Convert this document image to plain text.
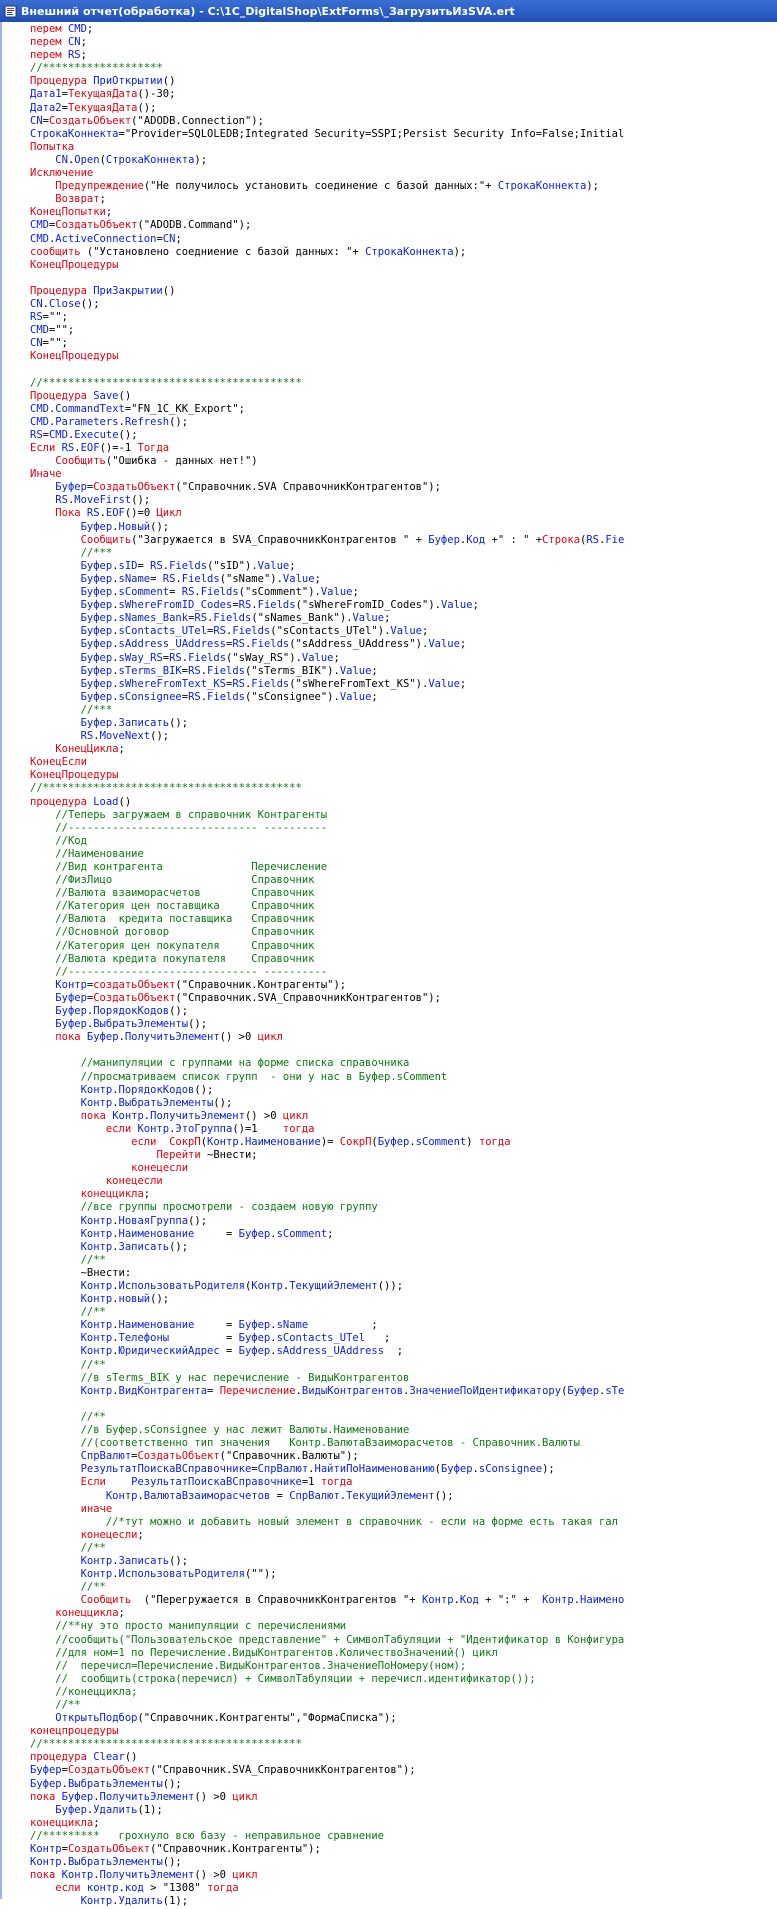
Внешний отчет(обработка) - C:\1C_DigitalShop\ExtForms\_ЗагрузитьИзSVA.ert
перем CMD;
перем CN;
перем RS;
//*******************
Процедура ПриОткрытии()
Дата1=ТекущаяДата()-30;
Дата2=ТекущаяДата();
CN=СоздатьОбъект("ADODB.Connection");
СтрокаКоннекта="Provider=SQLOLEDB;Integrated Security=SSPI;Persist Security Info=False;Initial
Попытка
CN.Open(СтрокаКоннекта);
Исключение
Предупреждение("Не получилось установить соединение с базой данных:"+ СтрокаКоннекта);
Возврат;
КонецПопытки;
CMD=СоздатьОбъект("ADODB.Command");
CMD.ActiveConnection=CN;
сообщить ("Установлено соедниение с базой данных: "+ СтрокаКоннекта);
КонецПроцедуры

Процедура ПриЗакрытии()
CN.Close();
RS="";
CMD="";
CN="";
КонецПроцедуры

//*****************************************
Процедура Save()
CMD.CommandText="FN_1C_KK_Export";
CMD.Parameters.Refresh();
RS=CMD.Execute();
Если RS.EOF()=-1 Тогда
Сообщить("Ошибка - данных нет!")
Иначе
Буфер=СоздатьОбъект("Справочник.SVA СправочникКонтрагентов");
RS.MoveFirst();
Пока RS.EOF()=0 Цикл
Буфер.Новый();
Сообщить("Загружается в SVA_СправочникКонтрагентов " + Буфер.Код +" : " +Строка(RS.Fie
//***
Буфер.sID= RS.Fields("sID").Value;
Буфер.sName= RS.Fields("sName").Value;
Буфер.sComment= RS.Fields("sComment").Value;
Буфер.sWhereFromID_Codes=RS.Fields("sWhereFromID_Codes").Value;
Буфер.sNames_Bank=RS.Fields("sNames_Bank").Value;
Буфер.sContacts_UTel=RS.Fields("sContacts_UTel").Value;
Буфер.sAddress_UAddress=RS.Fields("sAddress_UAddress").Value;
Буфер.sWay_RS=RS.Fields("sWay_RS").Value;
Буфер.sTerms_BIK=RS.Fields("sTerms_BIK").Value;
Буфер.sWhereFromText_KS=RS.Fields("sWhereFromText_KS").Value;
Буфер.sConsignee=RS.Fields("sConsignee").Value;
//***
Буфер.Записать();
RS.MoveNext();
КонецЦикла;
КонецЕсли
КонецПроцедуры
//*****************************************
процедура Load()
//Теперь загружаем в справочник Контрагенты
//------------------------------ ----------
//Код
//Наименование
//Вид контрагента              Перечисление
//ФизЛицо                      Справочник
//Валюта взаиморасчетов        Справочник
//Категория цен поставщика     Справочник
//Валюта  кредита поставщика   Справочник
//Основной договор             Справочник
//Категория цен покупателя     Справочник
//Валюта кредита покупателя    Справочник
//------------------------------ ----------
Контр=создатьОбъект("Справочник.Контрагенты");
Буфер=СоздатьОбъект("Справочник.SVA_СправочникКонтрагентов");
Буфер.ПорядокКодов();
Буфер.ВыбратьЭлементы();
пока Буфер.ПолучитьЭлемент() >0 цикл

//манипуляции с группами на форме списка справочника
//просматриваем список групп  - они у нас в Буфер.sComment
Контр.ПорядокКодов();
Контр.ВыбратьЭлементы();
пока Контр.ПолучитьЭлемент() >0 цикл
если Контр.ЭтоГруппа()=1    тогда
если  СокрП(Контр.Наименование)= СокрП(Буфер.sComment) тогда
Перейти ~Внести;
конецесли
конецесли
конеццикла;
//все группы просмотрели - создаем новую группу
Контр.НоваяГруппа();
Контр.Наименование     = Буфер.sComment;
Контр.Записать();
//**
~Внести:
Контр.ИспользоватьРодителя(Контр.ТекущийЭлемент());
Контр.новый();
//**
Контр.Наименование     = Буфер.sName          ;
Контр.Телефоны         = Буфер.sContacts_UTel   ;
Контр.ЮридическийАдрес = Буфер.sAddress_UAddress  ;
//**
//в sTerms_BIK у нас перечисление - ВидыКонтрагентов
Контр.ВидКонтрагента= Перечисление.ВидыКонтрагентов.ЗначениеПоИдентификатору(Буфер.sTe

//**
//в Буфер.sConsignee у нас лежит Валюты.Наименование
//(соответственно тип значения   Контр.ВалютаВзаиморасчетов - Справочник.Валюты
СпрВалют=СоздатьОбъект("Справочник.Валюты");
РезультатПоискаВСправочнике=СпрВалют.НайтиПоНаименованию(Буфер.sConsignee);
Если    РезультатПоискаВСправочнике=1 тогда
Контр.ВалютаВзаиморасчетов = СпрВалют.ТекущийЭлемент();
иначе
//*тут можно и добавить новый элемент в справочник - если на форме есть такая гал
конецесли;
//**
Контр.Записать();
Контр.ИспользоватьРодителя("");
//**
Сообщить  ("Перегружается в СправочникКонтрагентов "+ Контр.Код + ":" +  Контр.Наимено
конеццикла;
//**ну это просто манипуляции с перечислениями
//сообщить("Пользовательское представление" + СимволТабуляции + "Идентификатор в Конфигура
//для ном=1 по Перечисление.ВидыКонтрагентов.КоличествоЗначений() цикл
//  перечисл=Перечисление.ВидыКонтрагентов.ЗначениеПоНомеру(ном);
//  сообщить(строка(перечисл) + СимволТабуляции + перечисл.идентификатор());
//конеццикла;
//**
ОткрытьПодбор("Справочник.Контрагенты","ФормаСписка");
конецпроцедуры
//*****************************************
процедура Clear()
Буфер=СоздатьОбъект("Справочник.SVA_СправочникКонтрагентов");
Буфер.ВыбратьЭлементы();
пока Буфер.ПолучитьЭлемент() >0 цикл
Буфер.Удалить(1);
конеццикла;
//*********   грохнуло всю базу - неправильное сравнение
Контр=СоздатьОбъект("Справочник.Контрагенты");
Контр.ВыбратьЭлементы();
пока Контр.ПолучитьЭлемент() >0 цикл
если контр.код > "1308" тогда
Контр.Удалить(1);
